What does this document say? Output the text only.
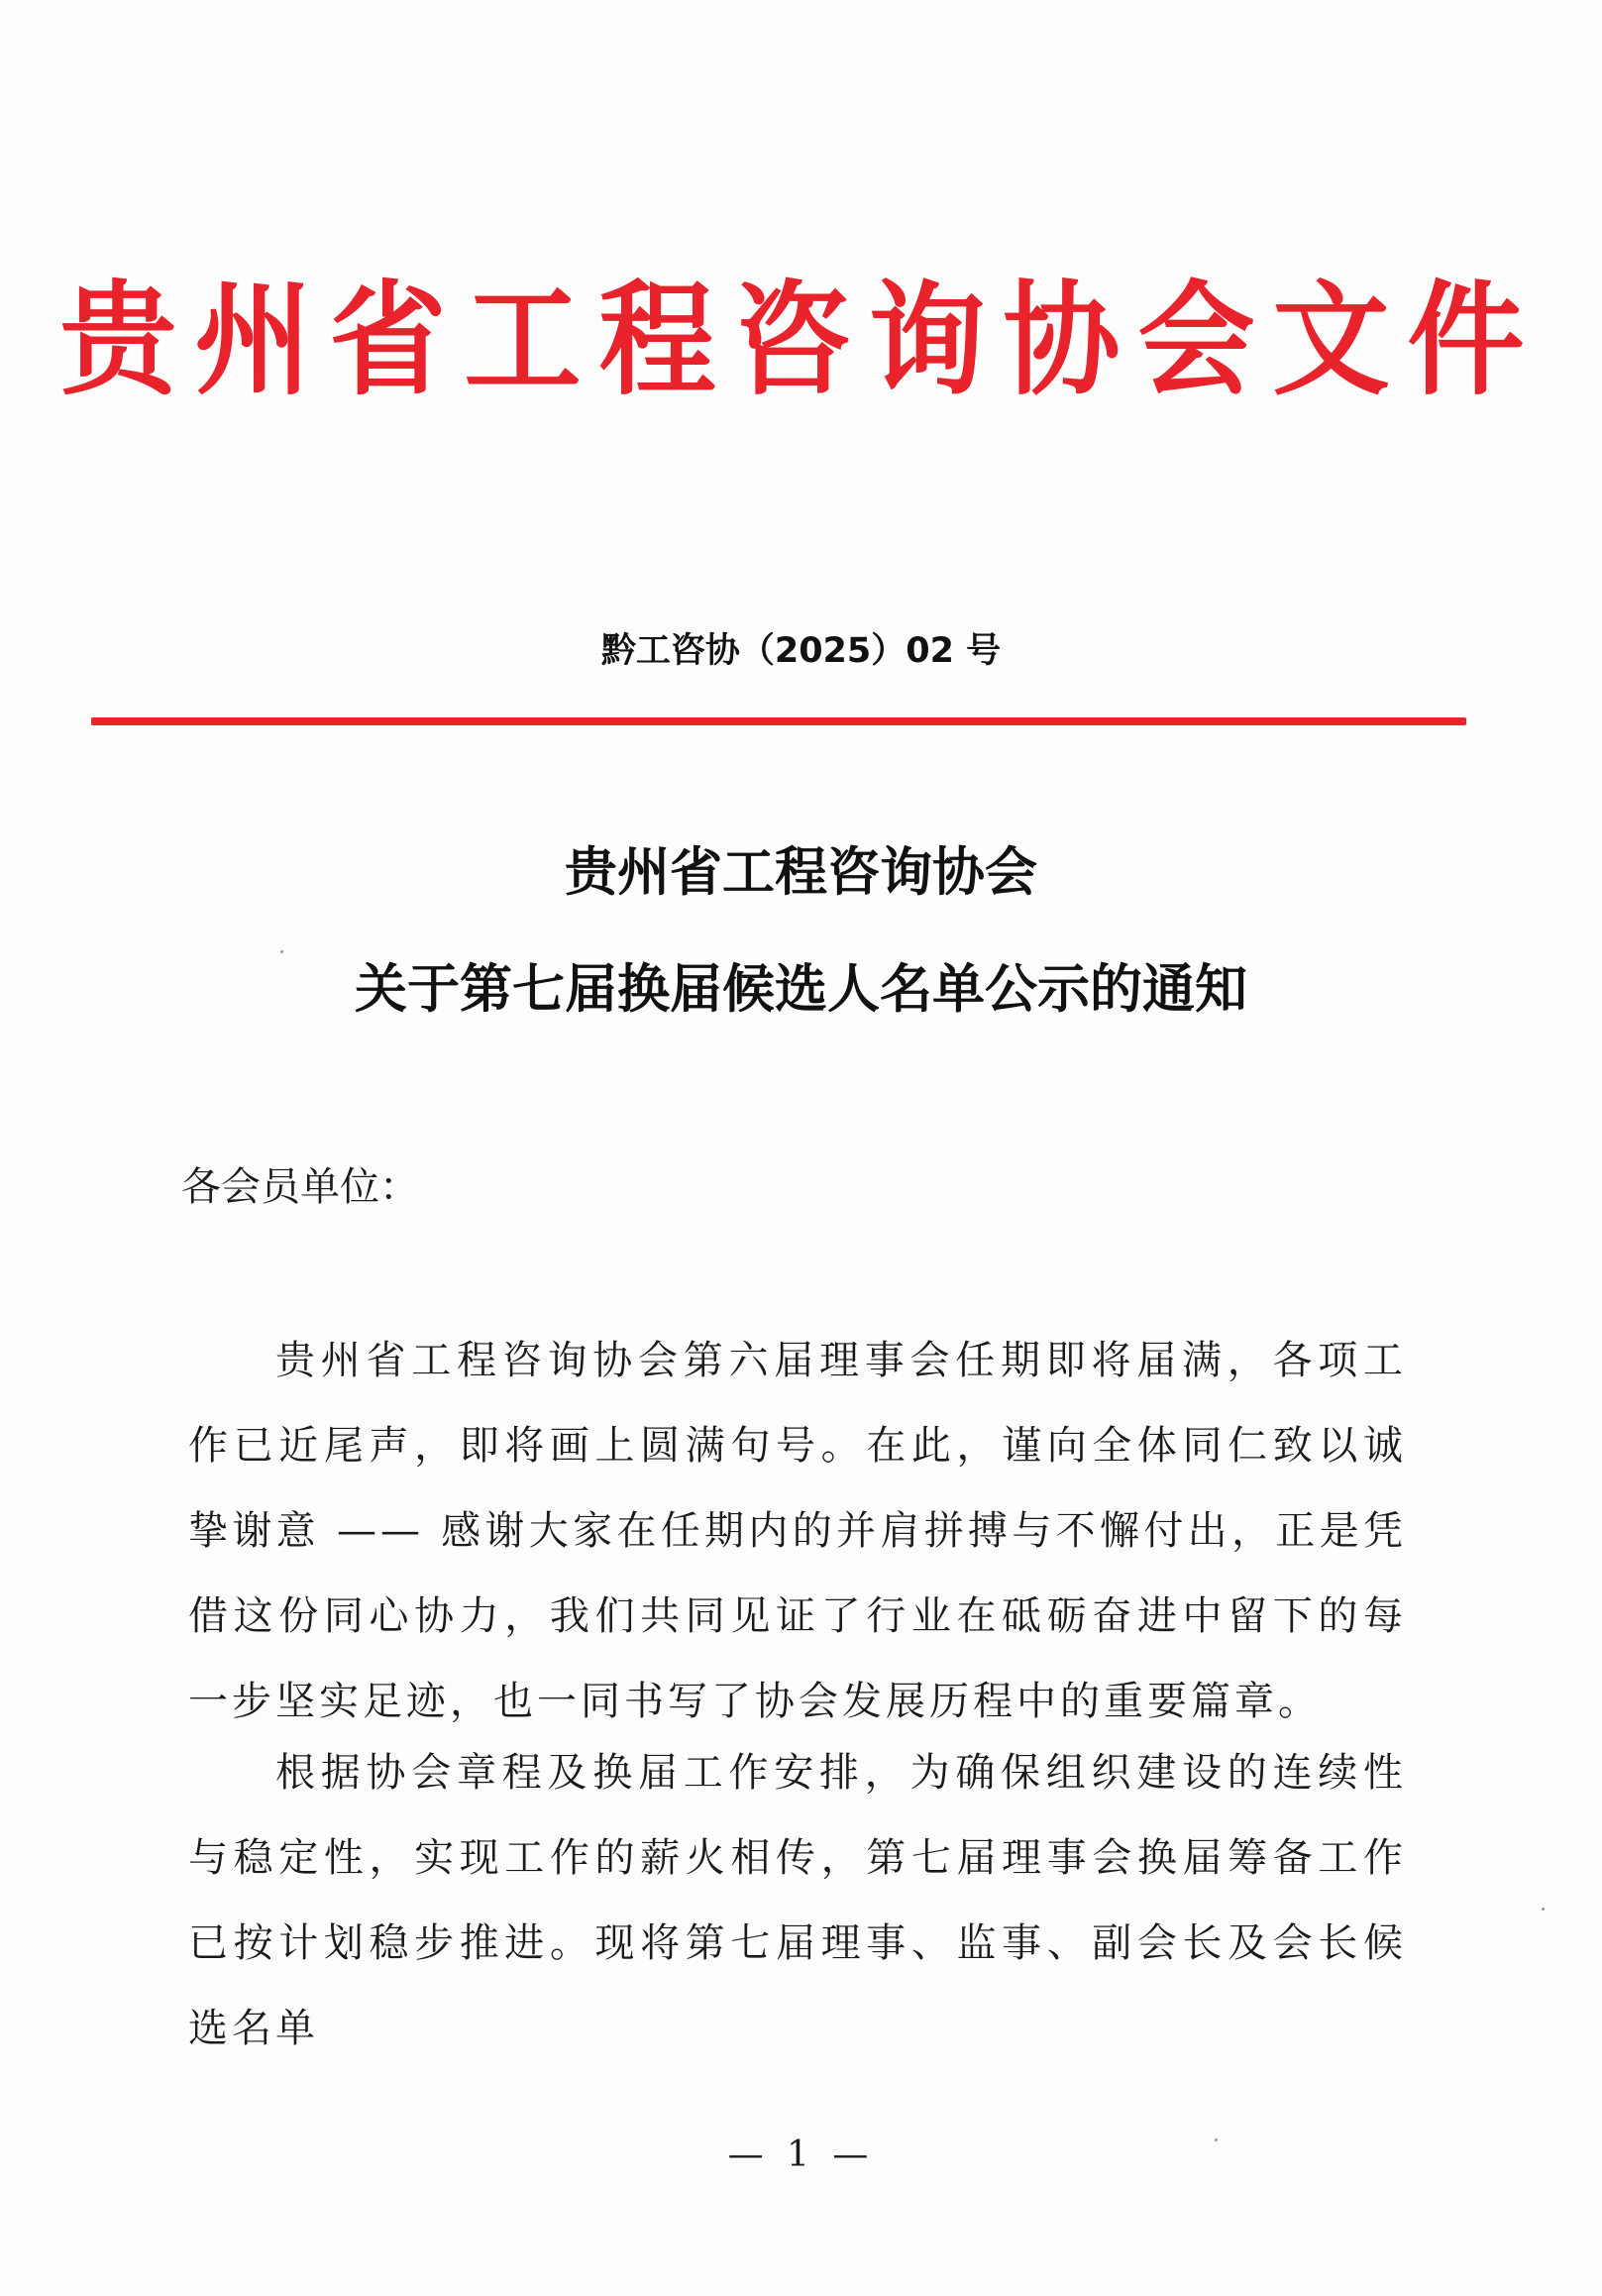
贵州省工程咨询协会文件
黔工咨协（2025）02 号
贵州省工程咨询协会
关于第七届换届候选人名单公示的通知
各会员单位：

贵州省工程咨询协会第六届理事会任期即将届满，各项工作已近尾声，即将画上圆满句号。在此，谨向全体同仁致以诚挚谢意 —— 感谢大家在任期内的并肩拼搏与不懈付出，正是凭借这份同心协力，我们共同见证了行业在砥砺奋进中留下的每一步坚实足迹，也一同书写了协会发展历程中的重要篇章。

根据协会章程及换届工作安排，为确保组织建设的连续性与稳定性，实现工作的薪火相传，第七届理事会换届筹备工作已按计划稳步推进。现将第七届理事、监事、副会长及会长候选名单

— 1 —
